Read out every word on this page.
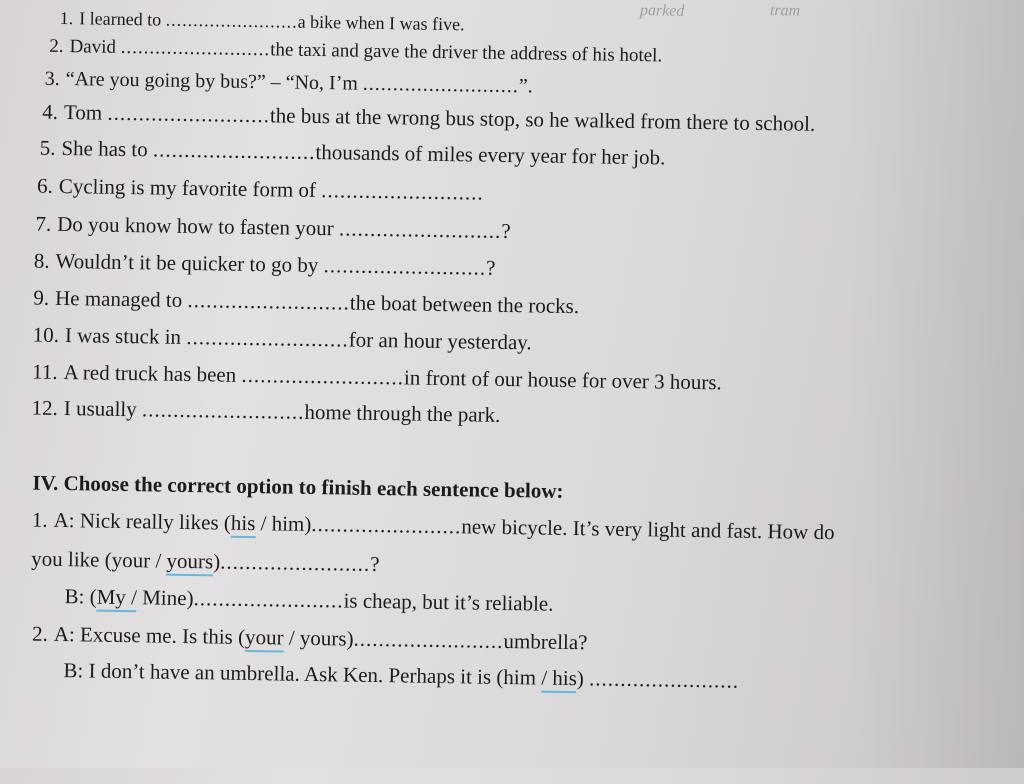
parked	tram
1. I learned to ........................a bike when I was five.
2. David ..........................the taxi and gave the driver the address of his hotel.
3. “Are you going by bus?” – “No, I’m ..........................”.
4. Tom ..........................the bus at the wrong bus stop, so he walked from there to school.
5. She has to ..........................thousands of miles every year for her job.
6. Cycling is my favorite form of ..........................
7. Do you know how to fasten your ..........................?
8. Wouldn’t it be quicker to go by ..........................?
9. He managed to ..........................the boat between the rocks.
10. I was stuck in ..........................for an hour yesterday.
11. A red truck has been ..........................in front of our house for over 3 hours.
12. I usually ..........................home through the park.
IV. Choose the correct option to finish each sentence below:
1. A: Nick really likes (his / him)........................new bicycle. It’s very light and fast. How do
you like (your / yours)........................?
B: (My / Mine)........................is cheap, but it’s reliable.
2. A: Excuse me. Is this (your / yours)........................umbrella?
B: I don’t have an umbrella. Ask Ken. Perhaps it is (him / his) ........................
